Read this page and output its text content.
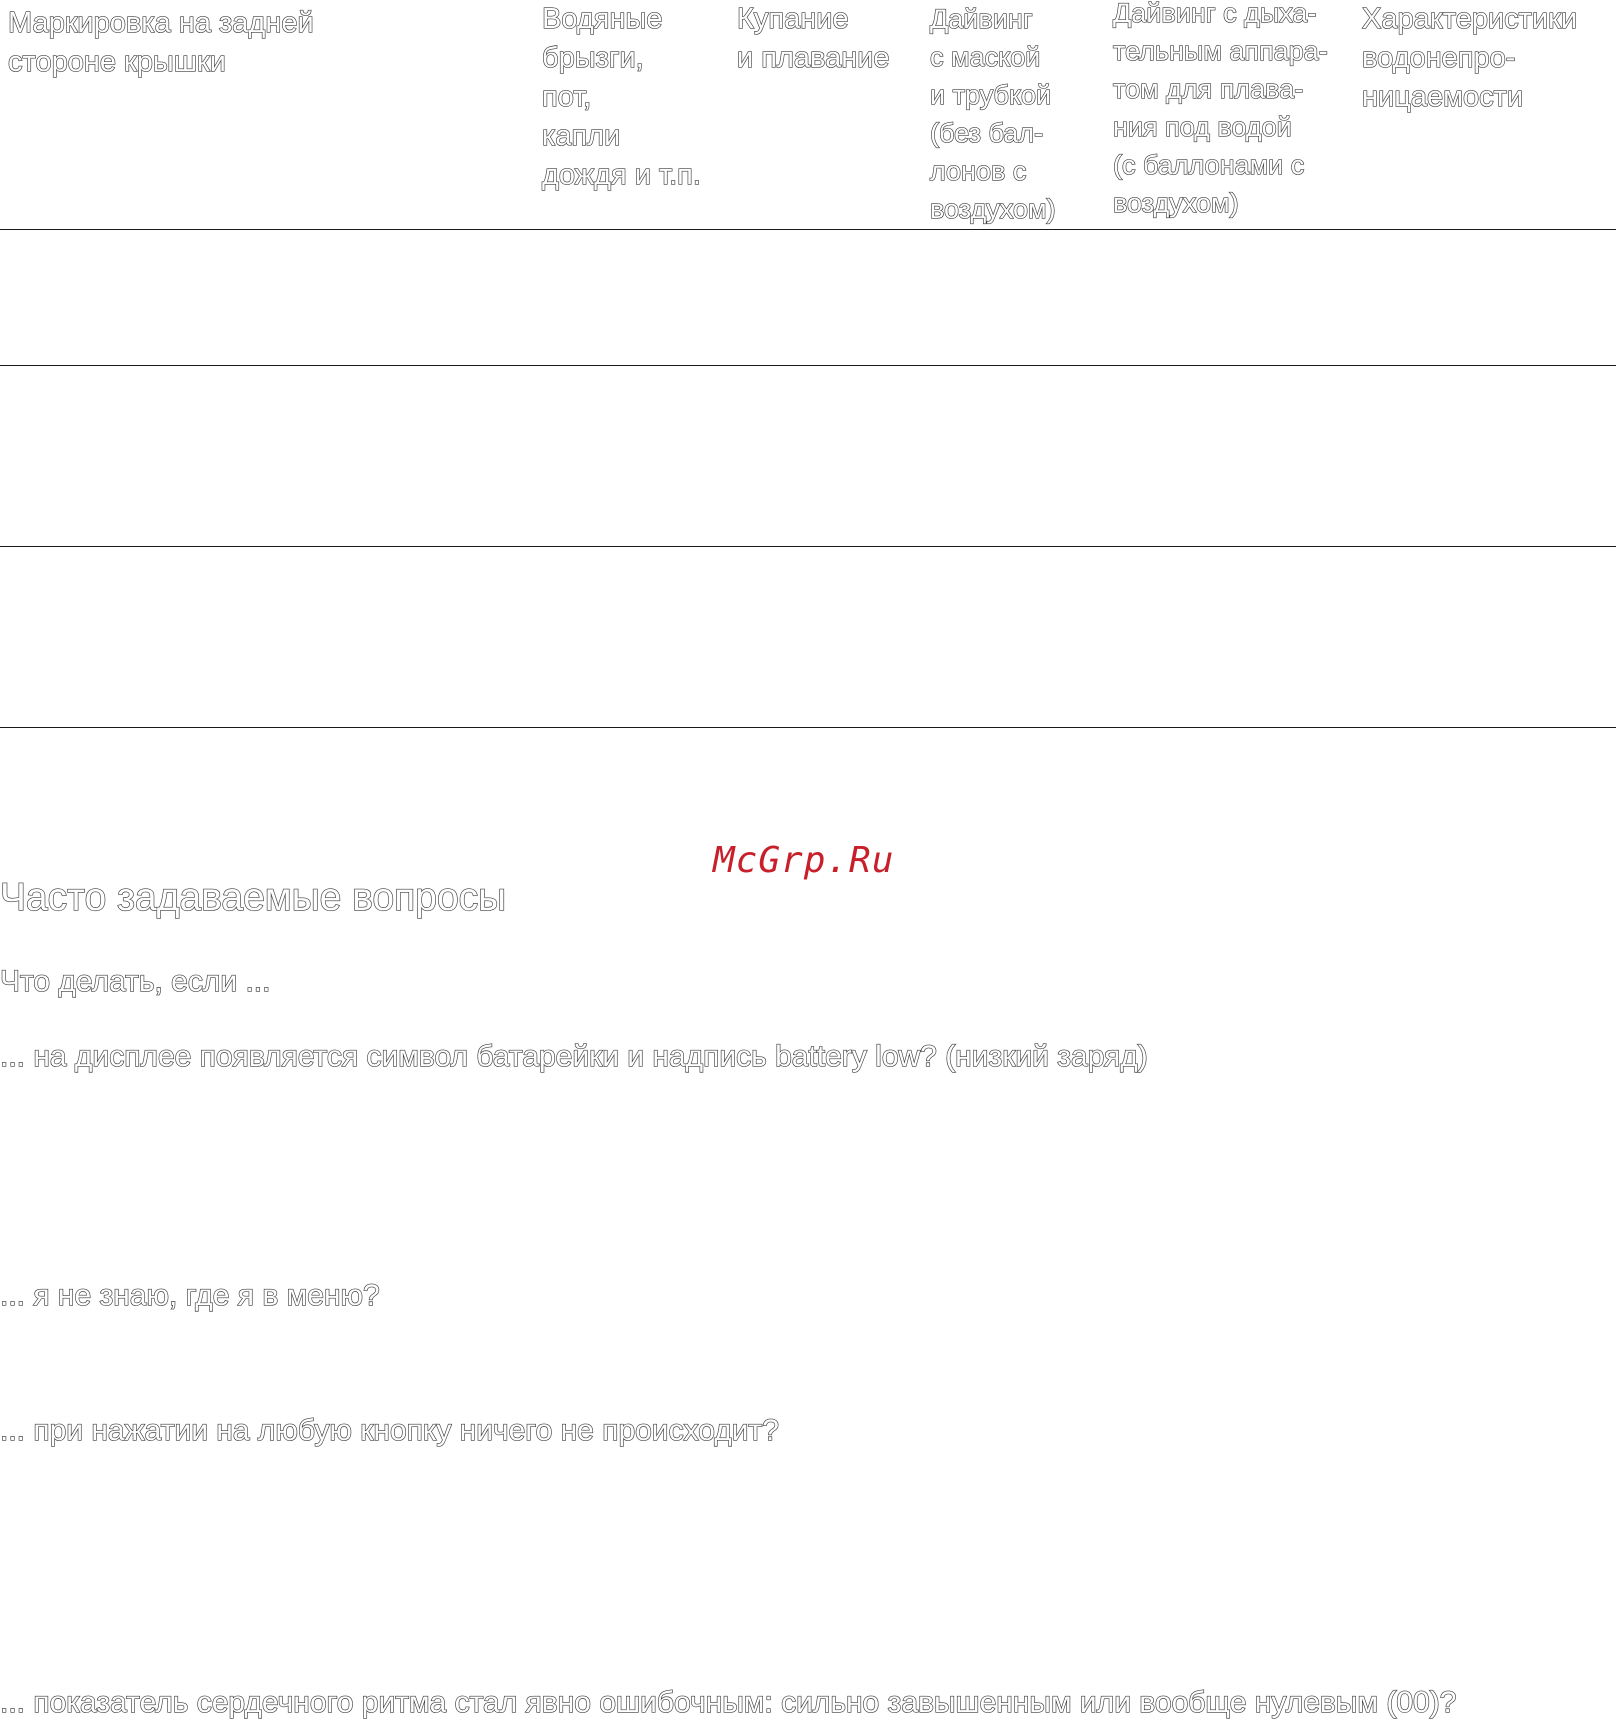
Маркировка на задней
стороне крышки
Водяные
брызги,
пот,
капли
дождя и т.п.
Купание
и плавание
Дайвинг
с маской
и трубкой
(без бал-
лонов с
воздухом)
Дайвинг с дыха-
тельным аппара-
том для плава-
ния под водой
(с баллонами с
воздухом)
Характеристики
водонепро-
ницаемости
McGrp.Ru
Часто задаваемые вопросы
Что делать, если ...
... на дисплее появляется символ батарейки и надпись battery low? (низкий заряд)
... я не знаю, где я в меню?
... при нажатии на любую кнопку ничего не происходит?
... показатель сердечного ритма стал явно ошибочным: сильно завышенным или вообще нулевым (00)?
